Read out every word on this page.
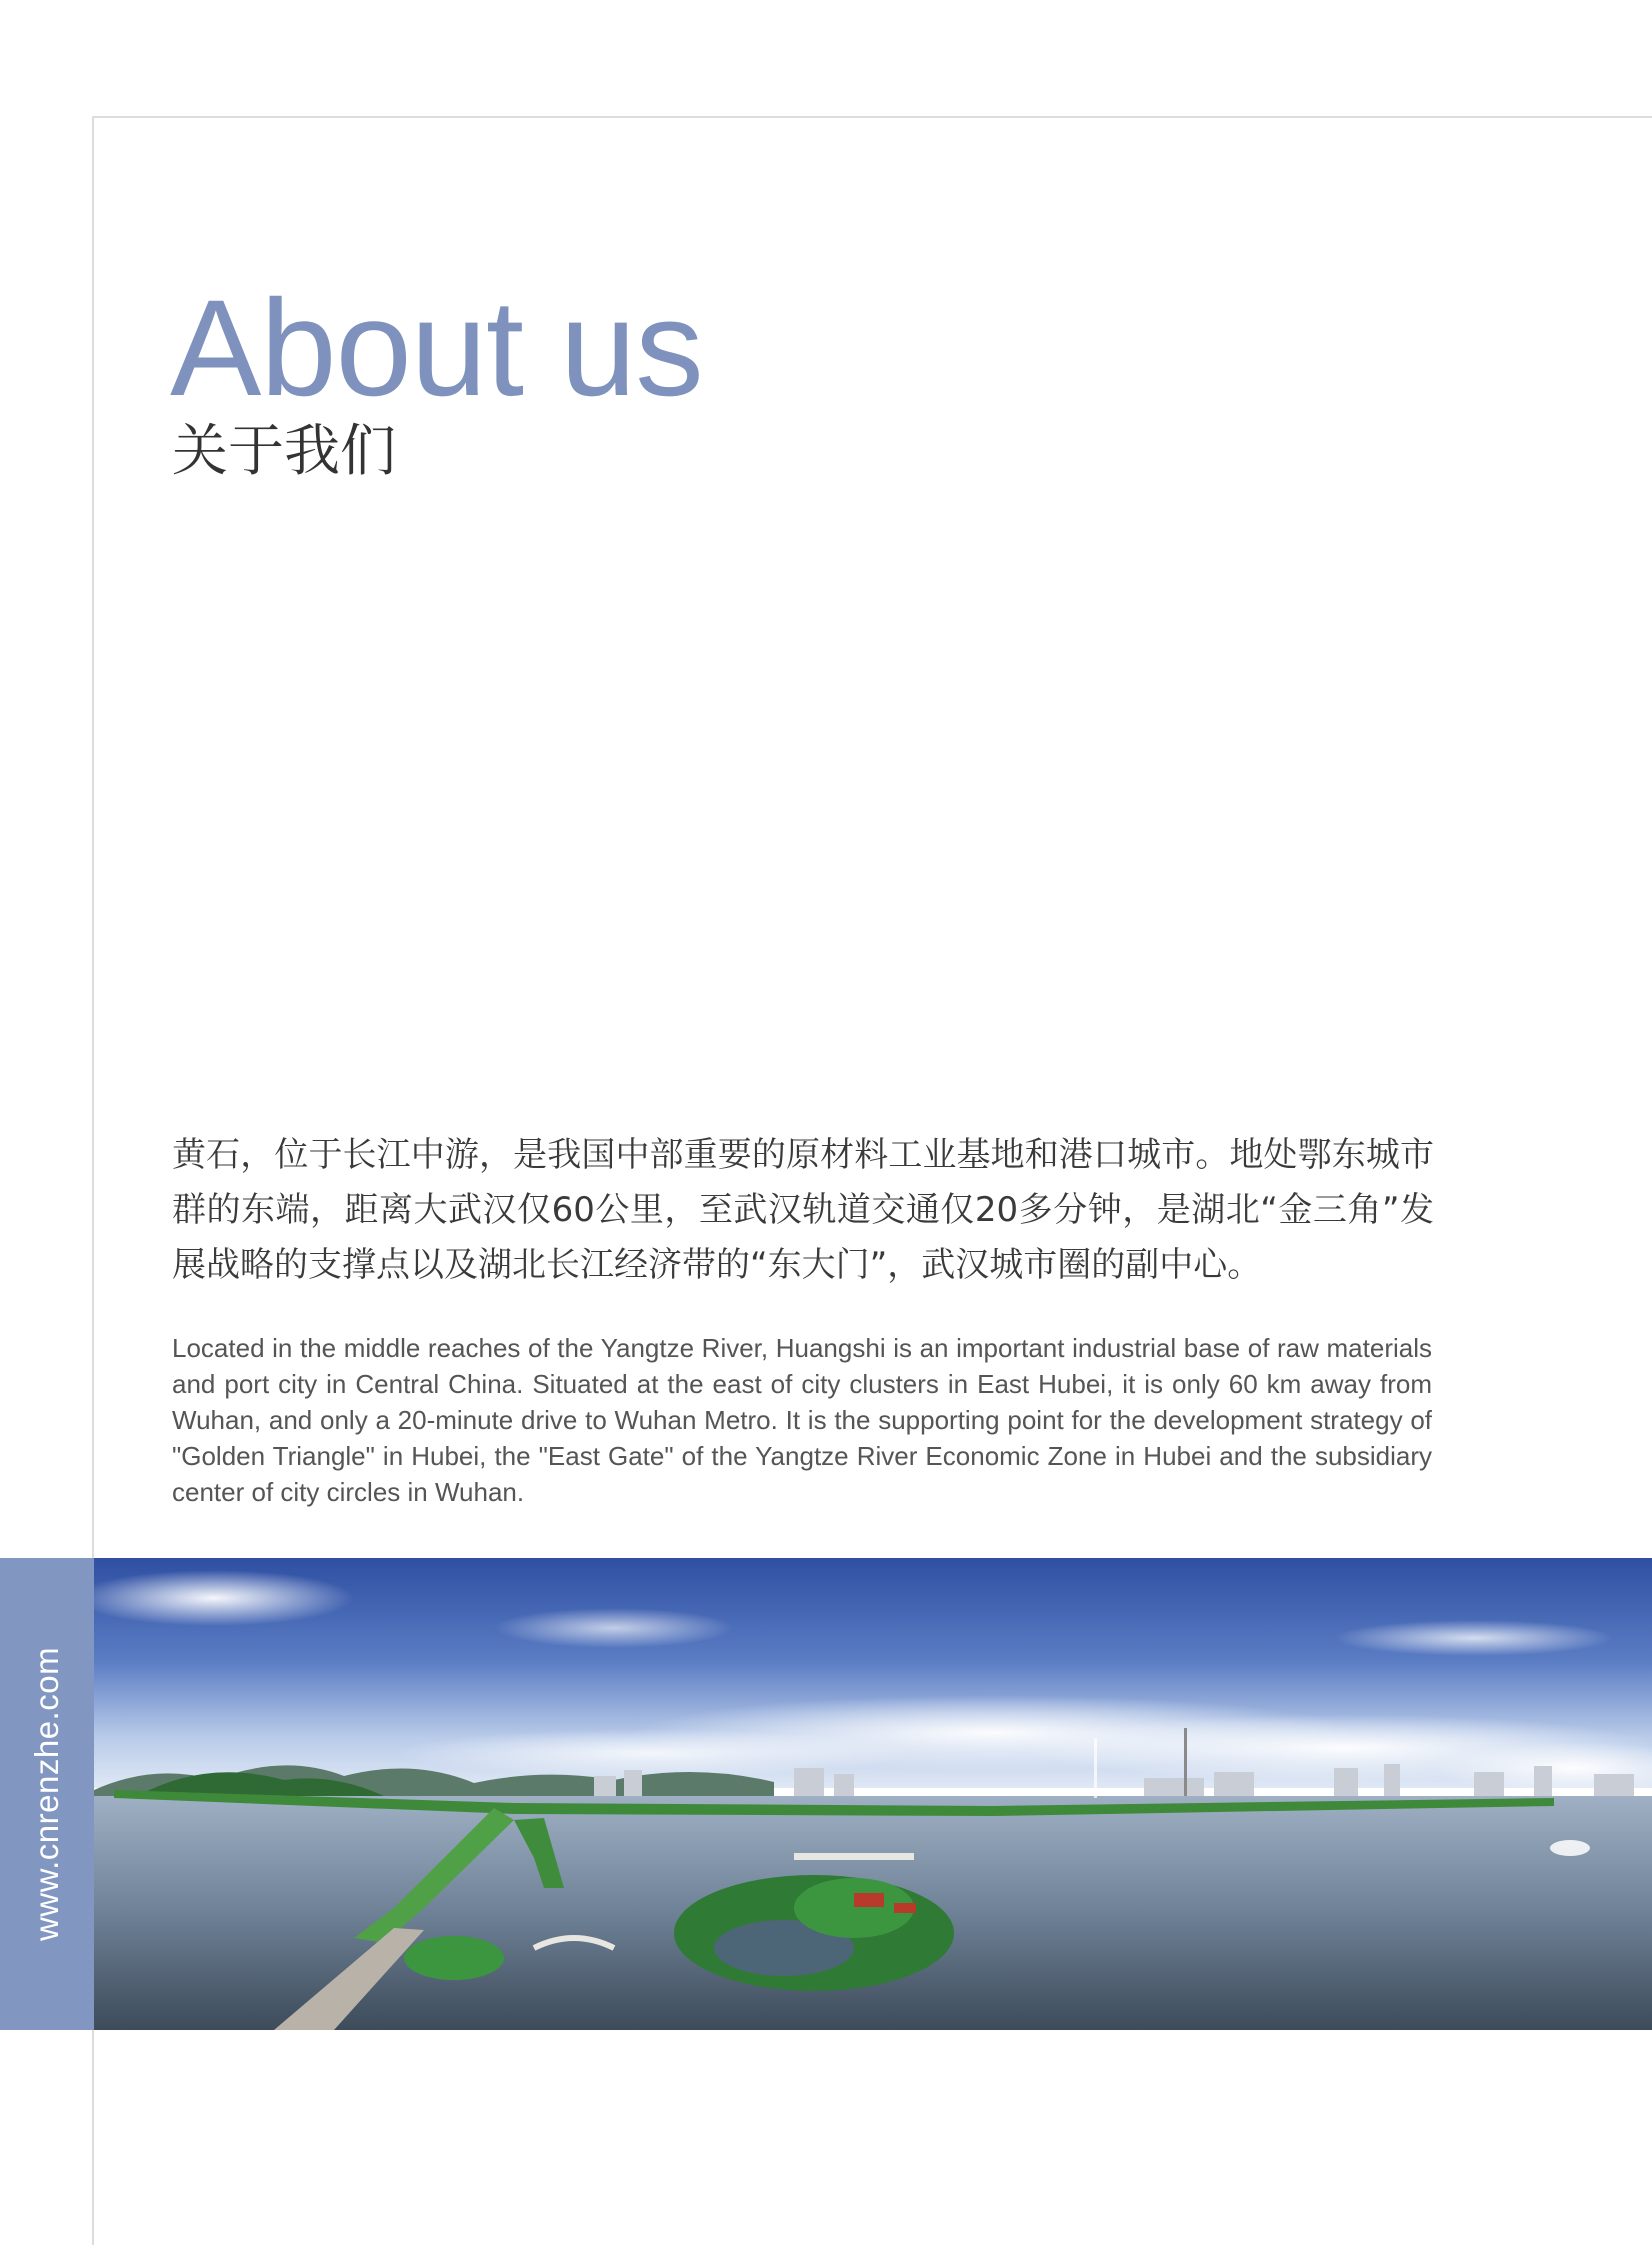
About us
关于我们

黄石，位于长江中游，是我国中部重要的原材料工业基地和港口城市。地处鄂东城市群的东端，距离大武汉仅60公里，至武汉轨道交通仅20多分钟，是湖北“金三角”发展战略的支撑点以及湖北长江经济带的“东大门”，武汉城市圈的副中心。

Located in the middle reaches of the Yangtze River, Huangshi is an important industrial base of raw materials and port city in Central China. Situated at the east of city clusters in East Hubei, it is only 60 km away from Wuhan, and only a 20-minute drive to Wuhan Metro. It is the supporting point for the development strategy of "Golden Triangle" in Hubei, the "East Gate" of the Yangtze River Economic Zone in Hubei and the subsidiary center of city circles in Wuhan.

www.cnrenzhe.com
